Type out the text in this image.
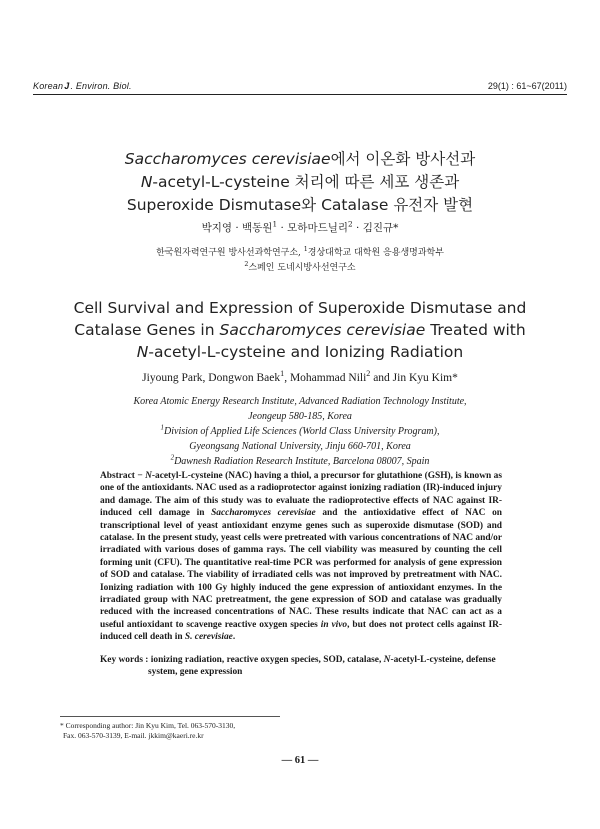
KoreanJ. Environ. Biol.	29(1) : 61~67(2011)
Saccharomyces cerevisiae에서 이온화 방사선과
N-acetyl-L-cysteine 처리에 따른 세포 생존과
Superoxide Dismutase와 Catalase 유전자 발현
박지영 · 백동원$^1$ · 모하마드닐리$^2$ · 김진규*
한국원자력연구원 방사선과학연구소, $^1$경상대학교 대학원 응용생명과학부
$^2$스페인 도네시방사선연구소
Cell Survival and Expression of Superoxide Dismutase and
Catalase Genes in Saccharomyces cerevisiae Treated with
N-acetyl-L-cysteine and Ionizing Radiation
Jiyoung Park, Dongwon Baek$^1$, Mohammad Nili$^2$ and Jin Kyu Kim*
Korea Atomic Energy Research Institute, Advanced Radiation Technology Institute,
Jeongeup 580-185, Korea
$^1$Division of Applied Life Sciences (World Class University Program),
Gyeongsang National University, Jinju 660-701, Korea
$^2$Dawnesh Radiation Research Institute, Barcelona 08007, Spain
Abstract − N-acetyl-L-cysteine (NAC) having a thiol, a precursor for glutathione (GSH), is known as one of the antioxidants. NAC used as a radioprotector against ionizing radiation (IR)-induced injury and damage. The aim of this study was to evaluate the radioprotective effects of NAC against IR-induced cell damage in Saccharomyces cerevisiae and the antioxidative effect of NAC on transcriptional level of yeast antioxidant enzyme genes such as superoxide dismutase (SOD) and catalase. In the present study, yeast cells were pretreated with various concentrations of NAC and/or irradiated with various doses of gamma rays. The cell viability was measured by counting the cell forming unit (CFU). The quantitative real-time PCR was performed for analysis of gene expression of SOD and catalase. The viability of irradiated cells was not improved by pretreatment with NAC. Ionizing radiation with 100 Gy highly induced the gene expression of antioxidant enzymes. In the irradiated group with NAC pretreatment, the gene expression of SOD and catalase was gradually reduced with the increased concentrations of NAC. These results indicate that NAC can act as a useful antioxidant to scavenge reactive oxygen species in vivo, but does not protect cells against IR-induced cell death in S. cerevisiae.
Key words : ionizing radiation, reactive oxygen species, SOD, catalase, N-acetyl-L-cysteine, defense
system, gene expression
* Corresponding author: Jin Kyu Kim, Tel. 063-570-3130,
Fax. 063-570-3139, E-mail. jkkim@kaeri.re.kr
— 61 —
